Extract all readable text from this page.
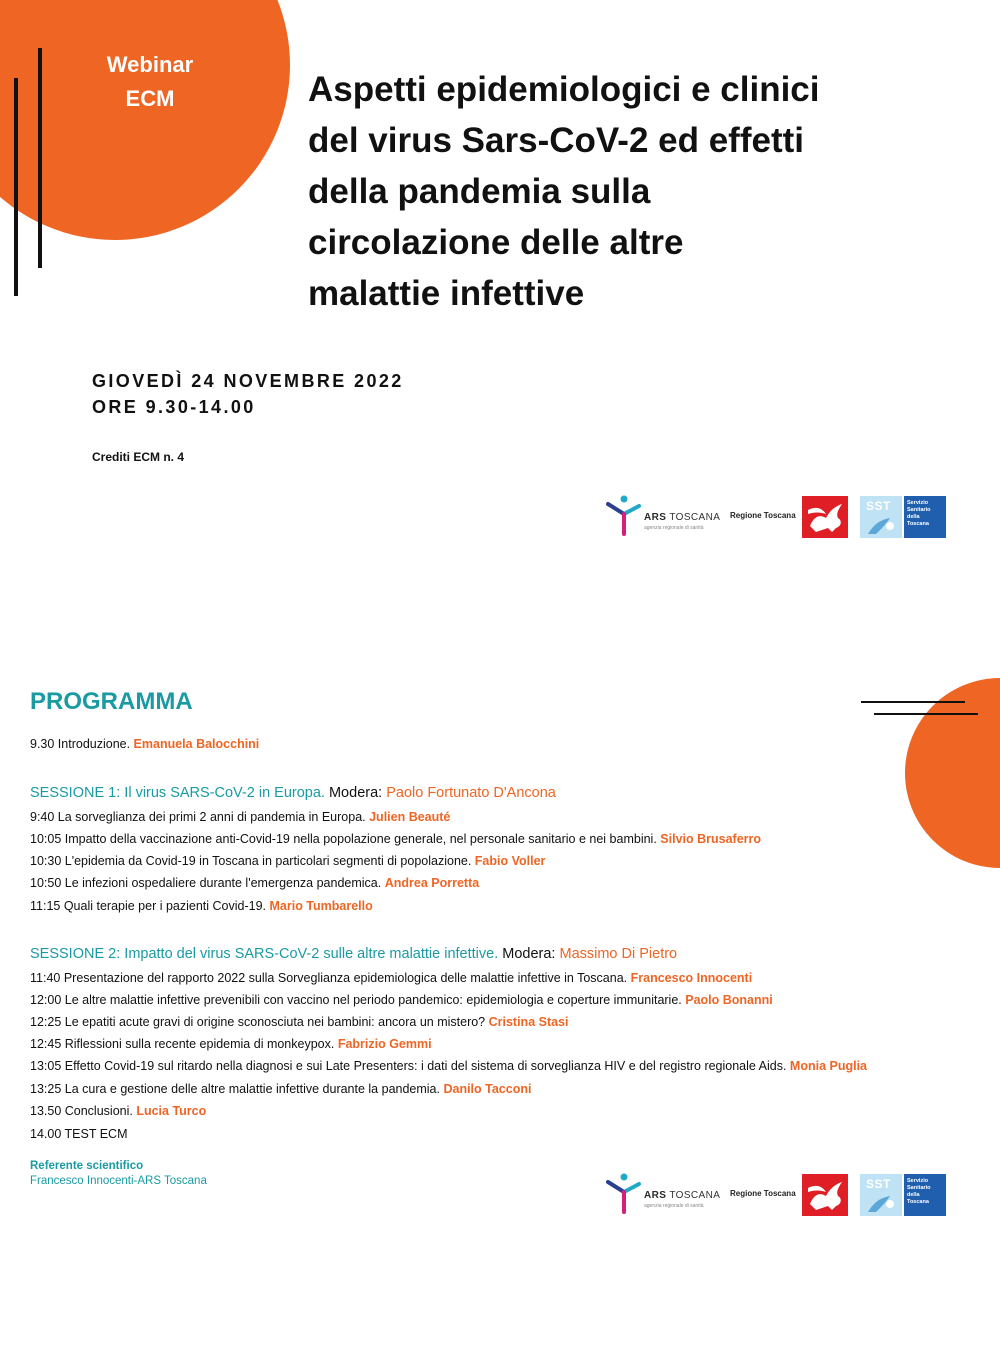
Webinar
ECM	Aspetti epidemiologici e clinici
del virus Sars-CoV-2 ed effetti
della pandemia sulla
circolazione delle altre
malattie infettive
GIOVEDÌ 24 NOVEMBRE 2022
ORE 9.30-14.00
Crediti ECM n. 4
ARS TOSCANA
agenzia regionale di sanità
Regione Toscana
SST	Servizio
Sanitario
della
Toscana
PROGRAMMA
9.30 Introduzione. Emanuela Balocchini
SESSIONE 1: Il virus SARS-CoV-2 in Europa. Modera: Paolo Fortunato D'Ancona
9:40 La sorveglianza dei primi 2 anni di pandemia in Europa. Julien Beauté
10:05 Impatto della vaccinazione anti-Covid-19 nella popolazione generale, nel personale sanitario e nei bambini. Silvio Brusaferro
10:30 L'epidemia da Covid-19 in Toscana in particolari segmenti di popolazione. Fabio Voller
10:50 Le infezioni ospedaliere durante l'emergenza pandemica. Andrea Porretta
11:15 Quali terapie per i pazienti Covid-19. Mario Tumbarello
SESSIONE 2: Impatto del virus SARS-CoV-2 sulle altre malattie infettive. Modera: Massimo Di Pietro
11:40 Presentazione del rapporto 2022 sulla Sorveglianza epidemiologica delle malattie infettive in Toscana. Francesco Innocenti
12:00 Le altre malattie infettive prevenibili con vaccino nel periodo pandemico: epidemiologia e coperture immunitarie. Paolo Bonanni
12:25 Le epatiti acute gravi di origine sconosciuta nei bambini: ancora un mistero? Cristina Stasi
12:45 Riflessioni sulla recente epidemia di monkeypox. Fabrizio Gemmi
13:05 Effetto Covid-19 sul ritardo nella diagnosi e sui Late Presenters: i dati del sistema di sorveglianza HIV e del registro regionale Aids. Monia Puglia
13:25 La cura e gestione delle altre malattie infettive durante la pandemia. Danilo Tacconi
13.50 Conclusioni. Lucia Turco
14.00 TEST ECM
Referente scientifico
Francesco Innocenti-ARS Toscana
ARS TOSCANA
agenzia regionale di sanità
Regione Toscana
SST	Servizio
Sanitario
della
Toscana
